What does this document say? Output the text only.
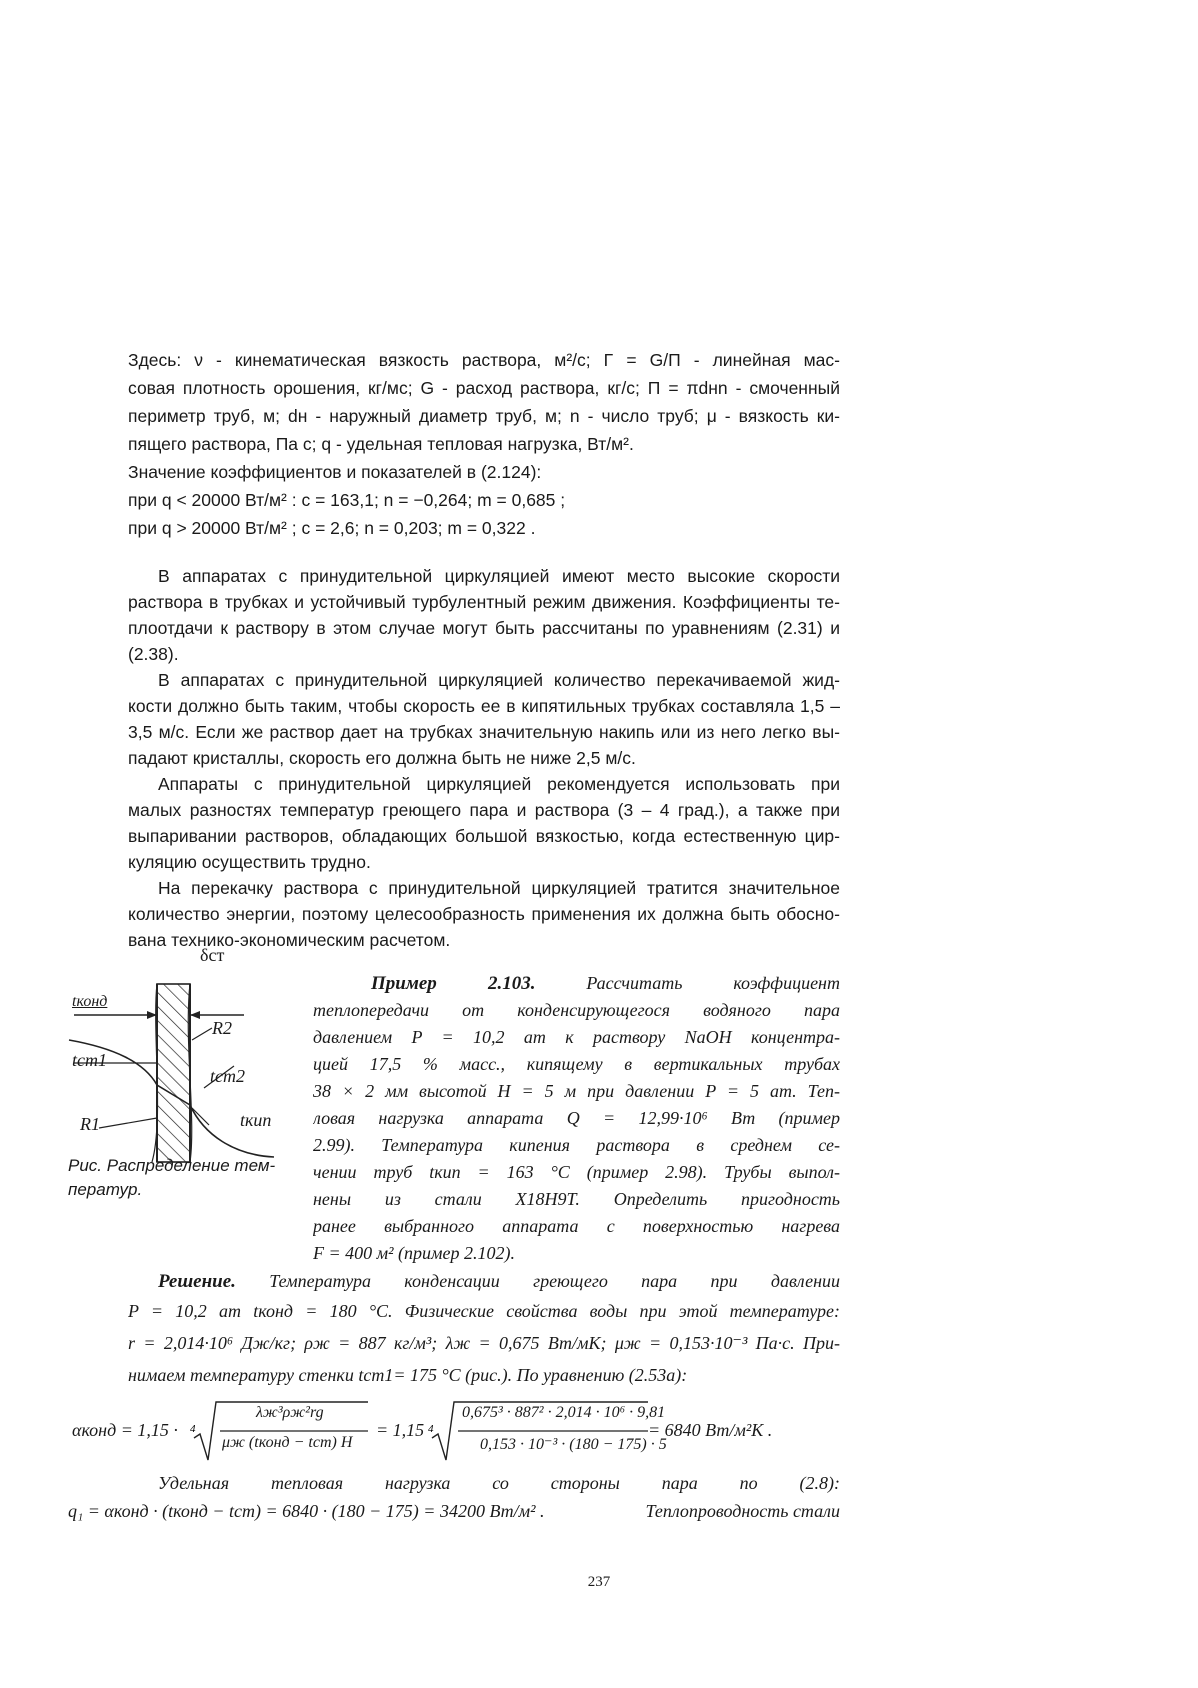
Здесь: ν - кинематическая вязкость раствора, м²/с; Γ = G/Π - линейная мас-
совая плотность орошения, кг/мс; G - расход раствора, кг/с; Π = πdнn - смоченный
периметр труб, м; dн - наружный диаметр труб, м; n - число труб; μ - вязкость ки-
пящего раствора, Па с; q - удельная тепловая нагрузка, Вт/м².
Значение коэффициентов и показателей в (2.124):
при q < 20000 Вт/м² : c = 163,1; n = −0,264; m = 0,685 ;
при q > 20000 Вт/м² ; c = 2,6; n = 0,203; m = 0,322 .
В аппаратах с принудительной циркуляцией имеют место высокие скорости
раствора в трубках и устойчивый турбулентный режим движения. Коэффициенты те-
плоотдачи к раствору в этом случае могут быть рассчитаны по уравнениям (2.31) и
(2.38).
В аппаратах с принудительной циркуляцией количество перекачиваемой жид-
кости должно быть таким, чтобы скорость ее в кипятильных трубках составляла 1,5 –
3,5 м/с. Если же раствор дает на трубках значительную накипь или из него легко вы-
падают кристаллы, скорость его должна быть не ниже 2,5 м/с.
Аппараты с принудительной циркуляцией рекомендуется использовать при
малых разностях температур греющего пара и раствора (3 – 4 град.), а также при
выпаривании растворов, обладающих большой вязкостью, когда естественную цир-
куляцию осуществить трудно.
На перекачку раствора с принудительной циркуляцией тратится значительное
количество энергии, поэтому целесообразность применения их должна быть обосно-
вана технико-экономическим расчетом.
δст
tконд
R2
tст1
tст2
R1	tкип
Рис. Распределение тем-
ператур.
Пример 2.103.	Рассчитать коэффициент
теплопередачи от конденсирующегося водяного пара
давлением P = 10,2 ат к раствору NaOH концентра-
цией 17,5 % масс., кипящему в вертикальных трубах
38 × 2 мм высотой H = 5 м при давлении P = 5 ат. Теп-
ловая нагрузка аппарата Q = 12,99·10⁶ Вт (пример
2.99). Температура кипения раствора в среднем се-
чении труб tкип = 163 °С (пример 2.98). Трубы выпол-
нены из стали Х18Н9Т. Определить пригодность
ранее выбранного аппарата с поверхностью нагрева
F = 400 м² (пример 2.102).
Решение. Температура конденсации греющего пара при давлении
P = 10,2 ат tконд = 180 °С. Физические свойства воды при этой температуре:
r = 2,014·10⁶ Дж/кг; ρж = 887 кг/м³; λж = 0,675 Вт/мК; μж = 0,153·10⁻³ Па·с. При-
нимаем температуру стенки tст1= 175 °С (рис.). По уравнению (2.53а):
αконд = 1,15 · 4
λж³ρж²rg
μж (tконд − tст) H
= 1,15 4
0,675³ · 887² · 2,014 · 10⁶ · 9,81
0,153 · 10⁻³ · (180 − 175) · 5
= 6840 Вт/м²К .
Удельная тепловая нагрузка со стороны пара по (2.8):
q₁ = αконд · (tконд − tст) = 6840 · (180 − 175) = 34200 Вт/м² .	Теплопроводность стали
237
